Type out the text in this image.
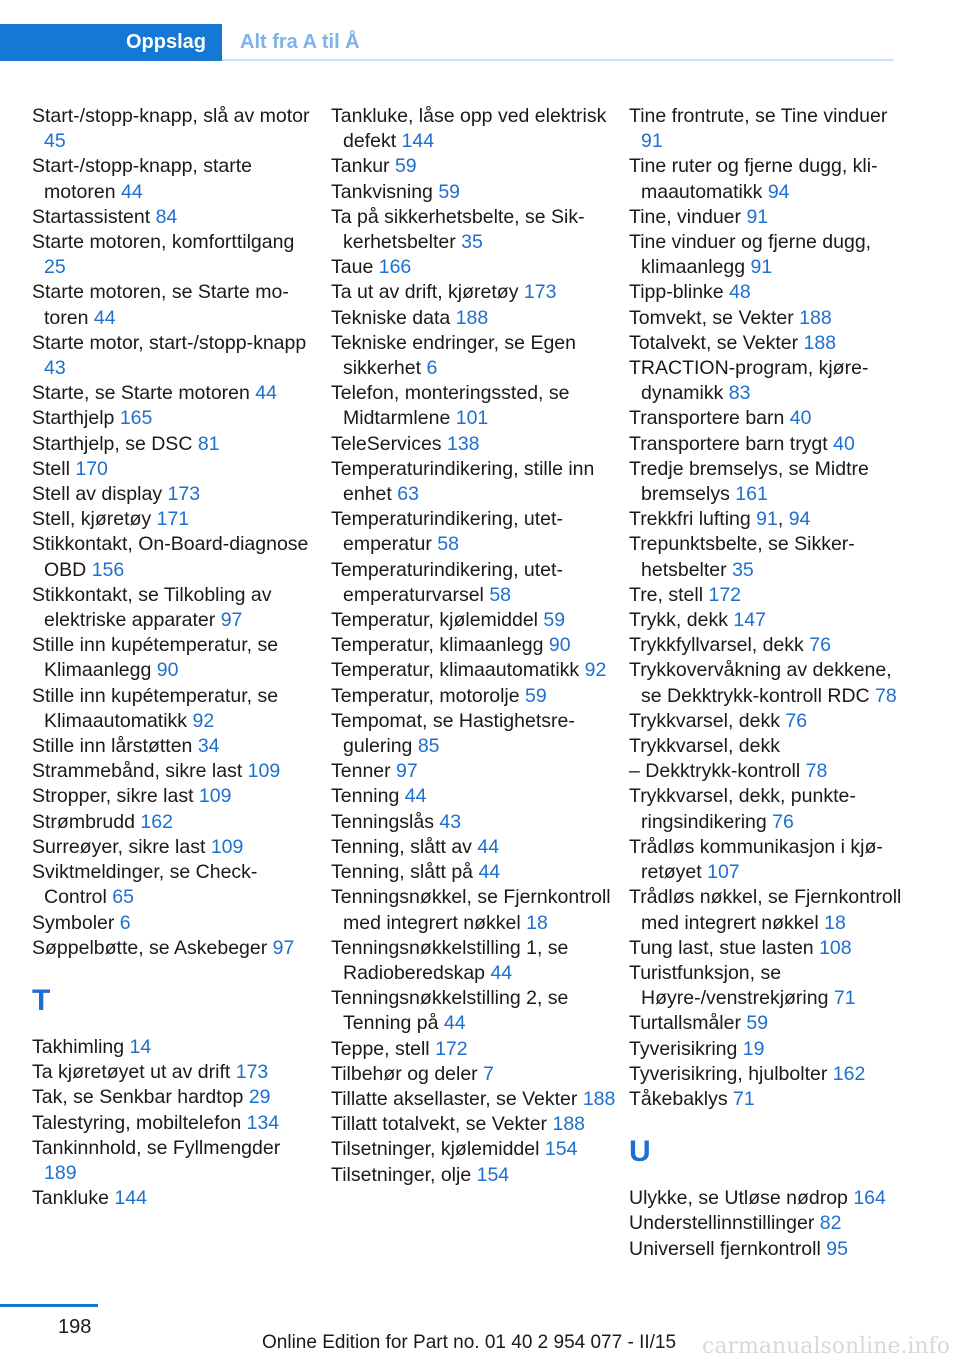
Oppslag	Alt fra A til Å

Start-/stopp-knapp, slå av motor 45

Start-/stopp-knapp, starte motoren 44

Startassistent 84

Starte motoren, komforttilgang 25

Starte motoren, se Starte motoren 44

Starte motor, start-/stopp-knapp 43

Starte, se Starte motoren 44

Starthjelp 165

Starthjelp, se DSC 81

Stell 170

Stell av display 173

Stell, kjøretøy 171

Stikkontakt, On-Board-diagnose OBD 156

Stikkontakt, se Tilkobling av elektriske apparater 97

Stille inn kupétemperatur, se Klimaanlegg 90

Stille inn kupétemperatur, se Klimaautomatikk 92

Stille inn lårstøtten 34

Strammebånd, sikre last 109

Stropper, sikre last 109

Strømbrudd 162

Surreøyer, sikre last 109

Sviktmeldinger, se Check-Control 65

Symboler 6

Søppelbøtte, se Askebeger 97

T

Takhimling 14

Ta kjøretøyet ut av drift 173

Tak, se Senkbar hardtop 29

Talestyring, mobiltelefon 134

Tankinnhold, se Fyllmengder 189

Tankluke 144

Tankluke, låse opp ved elektrisk defekt 144

Tankur 59

Tankvisning 59

Ta på sikkerhetsbelte, se Sikkerhetsbelter 35

Taue 166

Ta ut av drift, kjøretøy 173

Tekniske data 188

Tekniske endringer, se Egen sikkerhet 6

Telefon, monteringssted, se Midtarmlene 101

TeleServices 138

Temperaturindikering, stille inn enhet 63

Temperaturindikering, utetemperatur 58

Temperaturindikering, utetemperaturvarsel 58

Temperatur, kjølemiddel 59

Temperatur, klimaanlegg 90

Temperatur, klimaautomatikk 92

Temperatur, motorolje 59

Tempomat, se Hastighetsregulering 85

Tenner 97

Tenning 44

Tenningslås 43

Tenning, slått av 44

Tenning, slått på 44

Tenningsnøkkel, se Fjernkontroll med integrert nøkkel 18

Tenningsnøkkelstilling 1, se Radioberedskap 44

Tenningsnøkkelstilling 2, se Tenning på 44

Teppe, stell 172

Tilbehør og deler 7

Tillatte aksellaster, se Vekter 188

Tillatt totalvekt, se Vekter 188

Tilsetninger, kjølemiddel 154

Tilsetninger, olje 154

Tine frontrute, se Tine vinduer 91

Tine ruter og fjerne dugg, klimaautomatikk 94

Tine, vinduer 91

Tine vinduer og fjerne dugg, klimaanlegg 91

Tipp-blinke 48

Tomvekt, se Vekter 188

Totalvekt, se Vekter 188

TRACTION-program, kjøredynamikk 83

Transportere barn 40

Transportere barn trygt 40

Tredje bremselys, se Midtre bremselys 161

Trekkfri lufting 91, 94

Trepunktsbelte, se Sikkerhetsbelter 35

Tre, stell 172

Trykk, dekk 147

Trykkfyllvarsel, dekk 76

Trykkovervåkning av dekkene, se Dekktrykk-kontroll RDC 78

Trykkvarsel, dekk 76

Trykkvarsel, dekk

– Dekktrykk-kontroll 78

Trykkvarsel, dekk, punkteringsindikering 76

Trådløs kommunikasjon i kjøretøyet 107

Trådløs nøkkel, se Fjernkontroll med integrert nøkkel 18

Tung last, stue lasten 108

Turistfunksjon, se Høyre-/venstrekjøring 71

Turtallsmåler 59

Tyverisikring 19

Tyverisikring, hjulbolter 162

Tåkebaklys 71

U

Ulykke, se Utløse nødrop 164

Understellinnstillinger 82

Universell fjernkontroll 95

198
Online Edition for Part no. 01 40 2 954 077 - II/15 carmanualsonline.info
